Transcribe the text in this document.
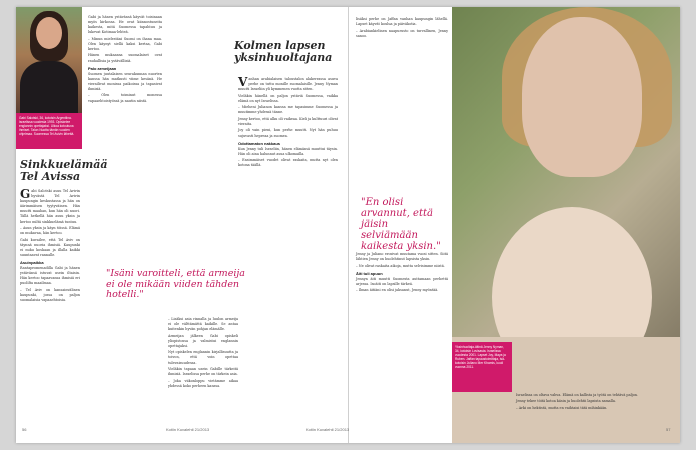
Gabi Salotski, 36, kotoisin Argentiina. Israelissa vuodesta 1993. Opiskelee englannin opettajaksi. Ulkoa kotoutuva ihmiset. Talon Nuotta tämän vuoden ohjelmaa. Suomessa Tel Avivin lähettä.
Sinkkuelämää Tel Avissa

Gabi Salotski asuu Tel Avivin hyvästä Tel Avivin kaupungin keskustassa ja hän on äärimmäisen tyytyväinen. Hän muutti maahan, kun hän oli nuori. Tällä hetkellä hän asuu yksin ja kertoo miltä sinkkuelämä tuntuu.

– Asun yksin ja käyn töissä. Elämä on mukavaa, hän kertoo.

Gabi kuvailee, että Tel Aviv on täynnä nuoria ihmisiä. Kaupunki ei nuku koskaan ja illalla kaikki suuntaavat rannalle.

Asuinpaikka

Rantapromenadilla Gabi ja hänen ystävänsä istuvat usein iltaisin. Hän kertoo tapaavansa ihmisiä eri puolilta maailmaa.

– Tel Aviv on kansainvälinen kaupunki, jossa on paljon suomalaisia vapaaehtoisia.

Gabi ja hänen ystävänsä käyvät toisinaan myös kirkossa. He ovat kiinnostuneita kaikesta, mitä Suomessa tapahtuu ja lukevat Kotimaa-lehteä.

– Minun mielestäni Suomi on ihana maa. Olen käynyt siellä kaksi kertaa, Gabi kertoo.

Hänen mukaansa suomalaiset ovat rauhallisia ja ystävällisiä.

Palo armeijaan

Suomen juutalaisen seurakunnan nuorten kanssa hän matkusti viime kesänä. He vierailivat monissa paikoissa ja tapasivat ihmisiä.

– Olen toiminut monessa vapaaehtoistyössä ja nautin niistä.

"Isäni varoitteli, että armeija ei ole mikään viiden tähden hotelli."

– Lisäksi asia rinnalla ja luulon armeija ei ole välttämättä kaikille. Se antaa kuitenkin hyvän pohjan elämälle.

Armeijan jälkeen Gabi opiskeli yliopistossa ja valmistui englannin opettajaksi.

Nyt opiskelen englannin kirjallisuutta ja toivon, että voin opettaa tulevaisuudessa.

Vieläkin tapaan usein Gabille tärkeitä ihmisiä. Israelissa perhe on tärkein asia.

– Joka viikonloppu vietämme aikaa yhdessä koko perheen kanssa.

56	Kotiin Kuvalehti 21/2013
Kolmen lapsen yksinhuoltajana

Vanhan arabialaisen taloustalon alakerrassa asuva perhe on tuttu monille suomalaisille. Jenny Nyman muutti Israeliin yli kymmenen vuotta sitten.

Vieläkin hänellä on paljon ystäviä Suomessa, vaikka elämä on nyt Israelissa.

– Mieheni Julianon kanssa me tapasimme Suomessa ja muutimme yhdessä tänne.

Jenny kertoo, että alku oli vaikeaa. Kieli ja kulttuuri olivat vieraita.

Joy oli vain pieni, kun perhe muutti. Nyt hän puhuu sujuvasti hepreaa ja suomea.

Odottamaton nakkaus

Kun Jenny tuli Israeliin, hänen elämänsä muuttui täysin. Hän oli aina halunnut asua ulkomailla.

– Ensimmäiset vuodet olivat raskaita, mutta nyt olen kotona täällä.

lisäksi perhe on Jaffan vanhan kaupungin lähellä. Lapset käyvät koulua ja päiväkotia.

– Arabiankielinen naapurusto on turvallinen, Jenny sanoo.

"En olisi arvannut, että jäisin selviämään kaikesta yksin."

Jenny ja Juliano erosivat muutama vuosi sitten. Siitä lähtien Jenny on huolehtinut lapsista yksin.

– Ne olivat raskaita aikoja, mutta selvisimme niistä.

Äiti tuli apuun

Jennyn äiti muutti Suomesta auttamaan perhettä arjessa. Isoäiti on lapsille tärkeä.

– Ilman äitiäni en olisi jaksanut, Jenny myöntää.

Yksinhuoltaja-äitinä Jenny Nyman, 34, kotoisin Lovisasta. Israelissa vuodesta 2001. Lapset Joy, Maya ja Ruben. Jaffan tapaustoimittaja, isä-kotoisin Juliano Mer Khamis, kuoli vuonna 2011.

Israelissa on oltava vahva. Elämä on kallista ja työtä on tehtävä paljon.

Jenny tekee töitä kotoa käsin ja huolehtii lapsista samalla.

– Arki on hektistä, mutta en vaihtaisi tätä mihinkään.

Kotiin Kuvalehti 21/2013	57
